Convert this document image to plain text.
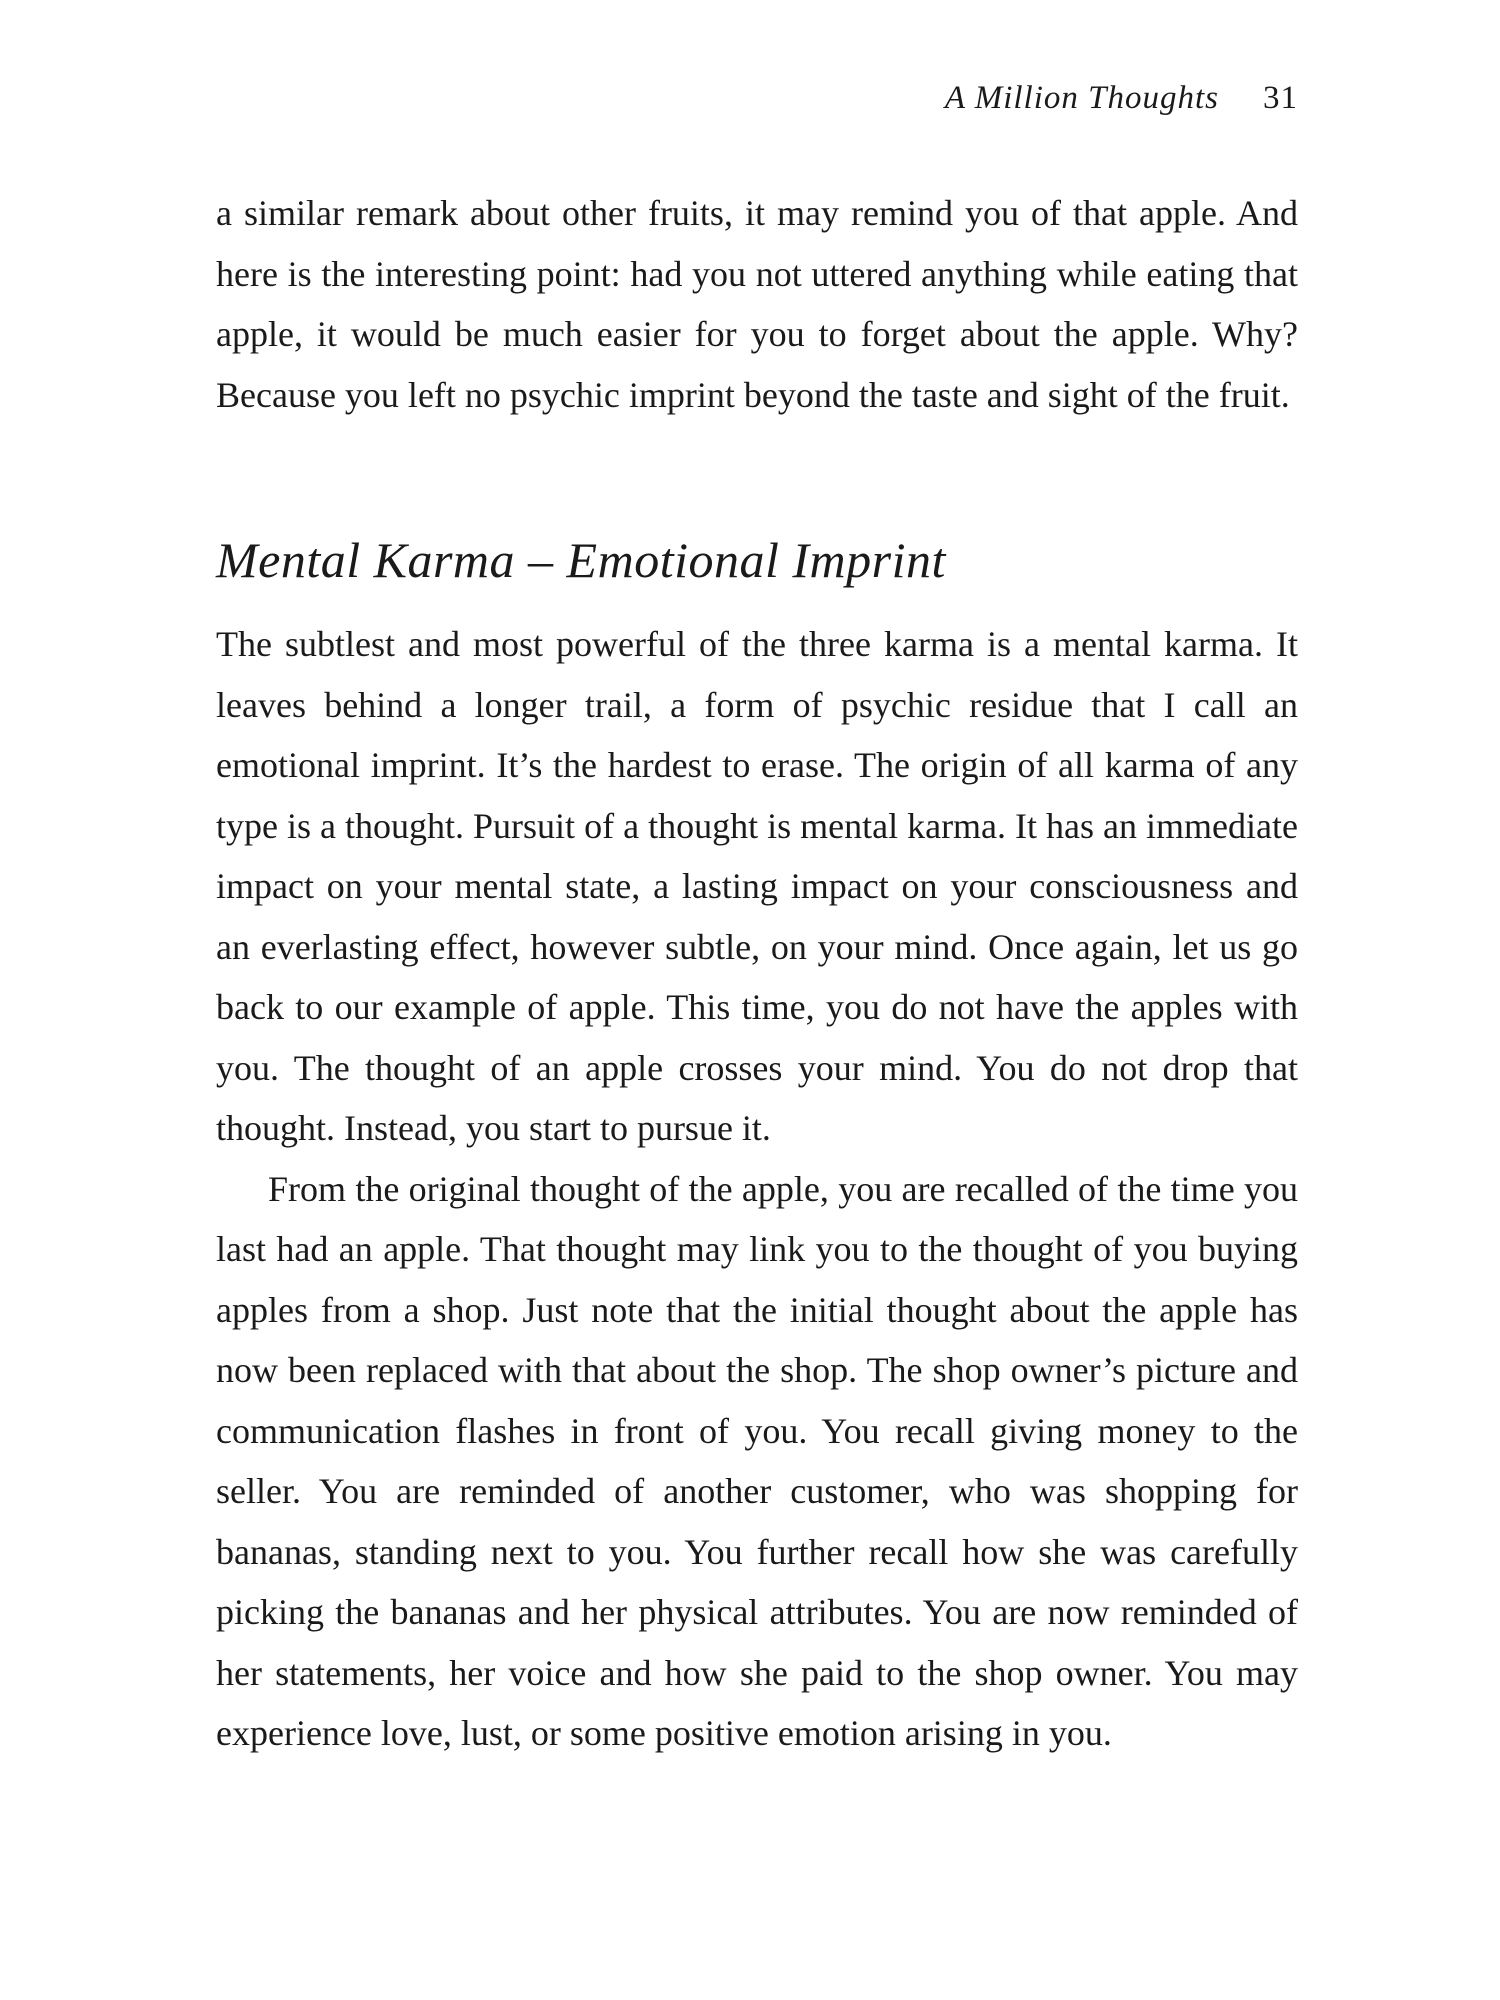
A Million Thoughts 31

a similar remark about other fruits, it may remind you of that apple. And here is the interesting point: had you not uttered anything while eating that apple, it would be much easier for you to forget about the apple. Why? Because you left no psychic imprint beyond the taste and sight of the fruit.

Mental Karma – Emotional Imprint

The subtlest and most powerful of the three karma is a mental karma. It leaves behind a longer trail, a form of psychic residue that I call an emotional imprint. It’s the hardest to erase. The origin of all karma of any type is a thought. Pursuit of a thought is mental karma. It has an immediate impact on your mental state, a lasting impact on your consciousness and an everlasting effect, however subtle, on your mind. Once again, let us go back to our example of apple. This time, you do not have the apples with you. The thought of an apple crosses your mind. You do not drop that thought. Instead, you start to pursue it.

From the original thought of the apple, you are recalled of the time you last had an apple. That thought may link you to the thought of you buying apples from a shop. Just note that the initial thought about the apple has now been replaced with that about the shop. The shop owner’s picture and communication flashes in front of you. You recall giving money to the seller. You are reminded of another customer, who was shopping for bananas, standing next to you. You further recall how she was carefully picking the bananas and her physical attributes. You are now reminded of her statements, her voice and how she paid to the shop owner. You may experience love, lust, or some positive emotion arising in you.
